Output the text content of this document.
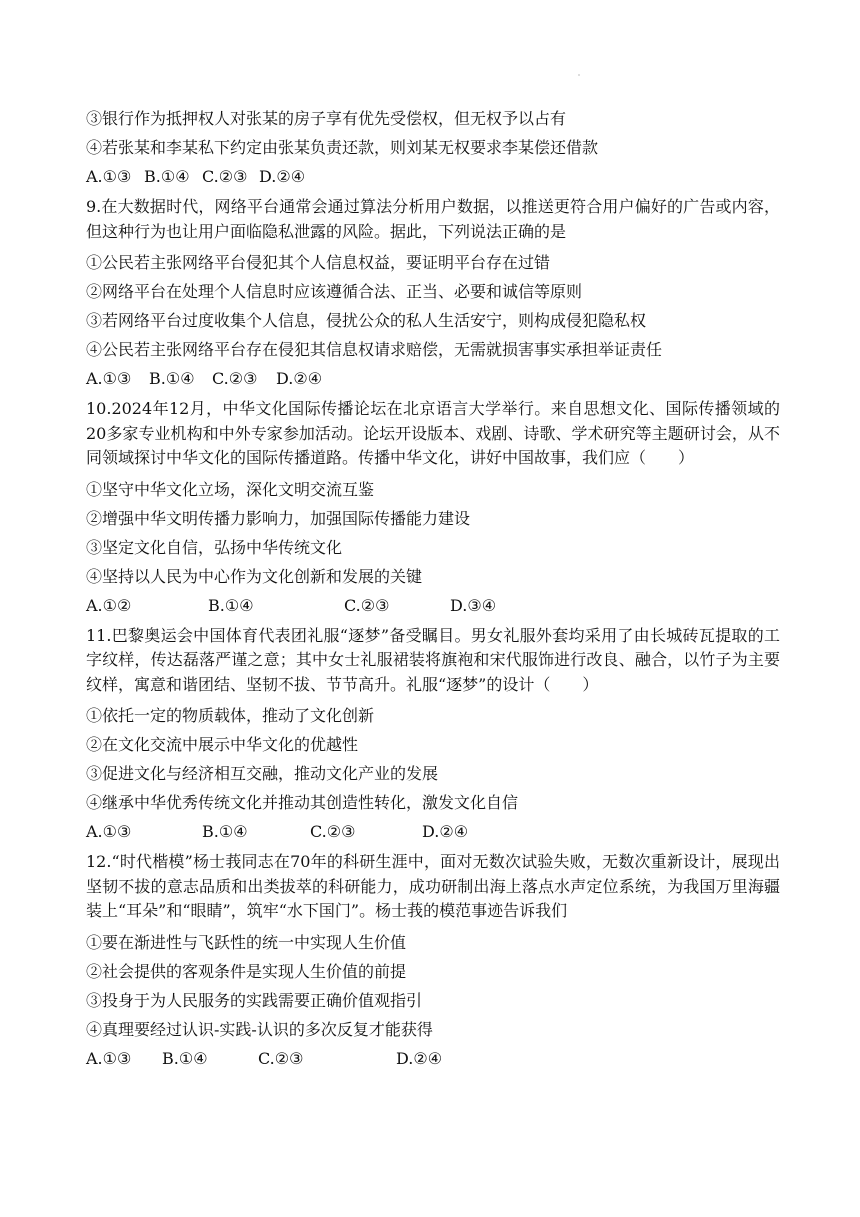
③银行作为抵押权人对张某的房子享有优先受偿权，但无权予以占有
④若张某和李某私下约定由张某负责还款，则刘某无权要求李某偿还借款
A.①③ B.①④ C.②③ D.②④
9.在大数据时代，网络平台通常会通过算法分析用户数据，以推送更符合用户偏好的广告或内容，但这种行为也让用户面临隐私泄露的风险。据此，下列说法正确的是
①公民若主张网络平台侵犯其个人信息权益，要证明平台存在过错
②网络平台在处理个人信息时应该遵循合法、正当、必要和诚信等原则
③若网络平台过度收集个人信息，侵扰公众的私人生活安宁，则构成侵犯隐私权
④公民若主张网络平台存在侵犯其信息权请求赔偿，无需就损害事实承担举证责任
A.①③	B.①④	C.②③	D.②④
10.2024年12月，中华文化国际传播论坛在北京语言大学举行。来自思想文化、国际传播领域的20多家专业机构和中外专家参加活动。论坛开设版本、戏剧、诗歌、学术研究等主题研讨会，从不同领域探讨中华文化的国际传播道路。传播中华文化，讲好中国故事，我们应（　　）
①坚守中华文化立场，深化文明交流互鉴
②增强中华文明传播力影响力，加强国际传播能力建设
③坚定文化自信，弘扬中华传统文化
④坚持以人民为中心作为文化创新和发展的关键
A.①②	B.①④	C.②③	D.③④
11.巴黎奥运会中国体育代表团礼服“逐梦”备受瞩目。男女礼服外套均采用了由长城砖瓦提取的工字纹样，传达磊落严谨之意；其中女士礼服裙装将旗袍和宋代服饰进行改良、融合，以竹子为主要纹样，寓意和谐团结、坚韧不拔、节节高升。礼服“逐梦”的设计（　　）
①依托一定的物质载体，推动了文化创新
②在文化交流中展示中华文化的优越性
③促进文化与经济相互交融，推动文化产业的发展
④继承中华优秀传统文化并推动其创造性转化，激发文化自信
A.①③	B.①④	C.②③	D.②④
12.“时代楷模”杨士莪同志在70年的科研生涯中，面对无数次试验失败，无数次重新设计，展现出坚韧不拔的意志品质和出类拔萃的科研能力，成功研制出海上落点水声定位系统，为我国万里海疆装上“耳朵”和“眼睛”，筑牢“水下国门”。杨士莪的模范事迹告诉我们
①要在渐进性与飞跃性的统一中实现人生价值
②社会提供的客观条件是实现人生价值的前提
③投身于为人民服务的实践需要正确价值观指引
④真理要经过认识-实践-认识的多次反复才能获得
A.①③	B.①④	C.②③	D.②④
